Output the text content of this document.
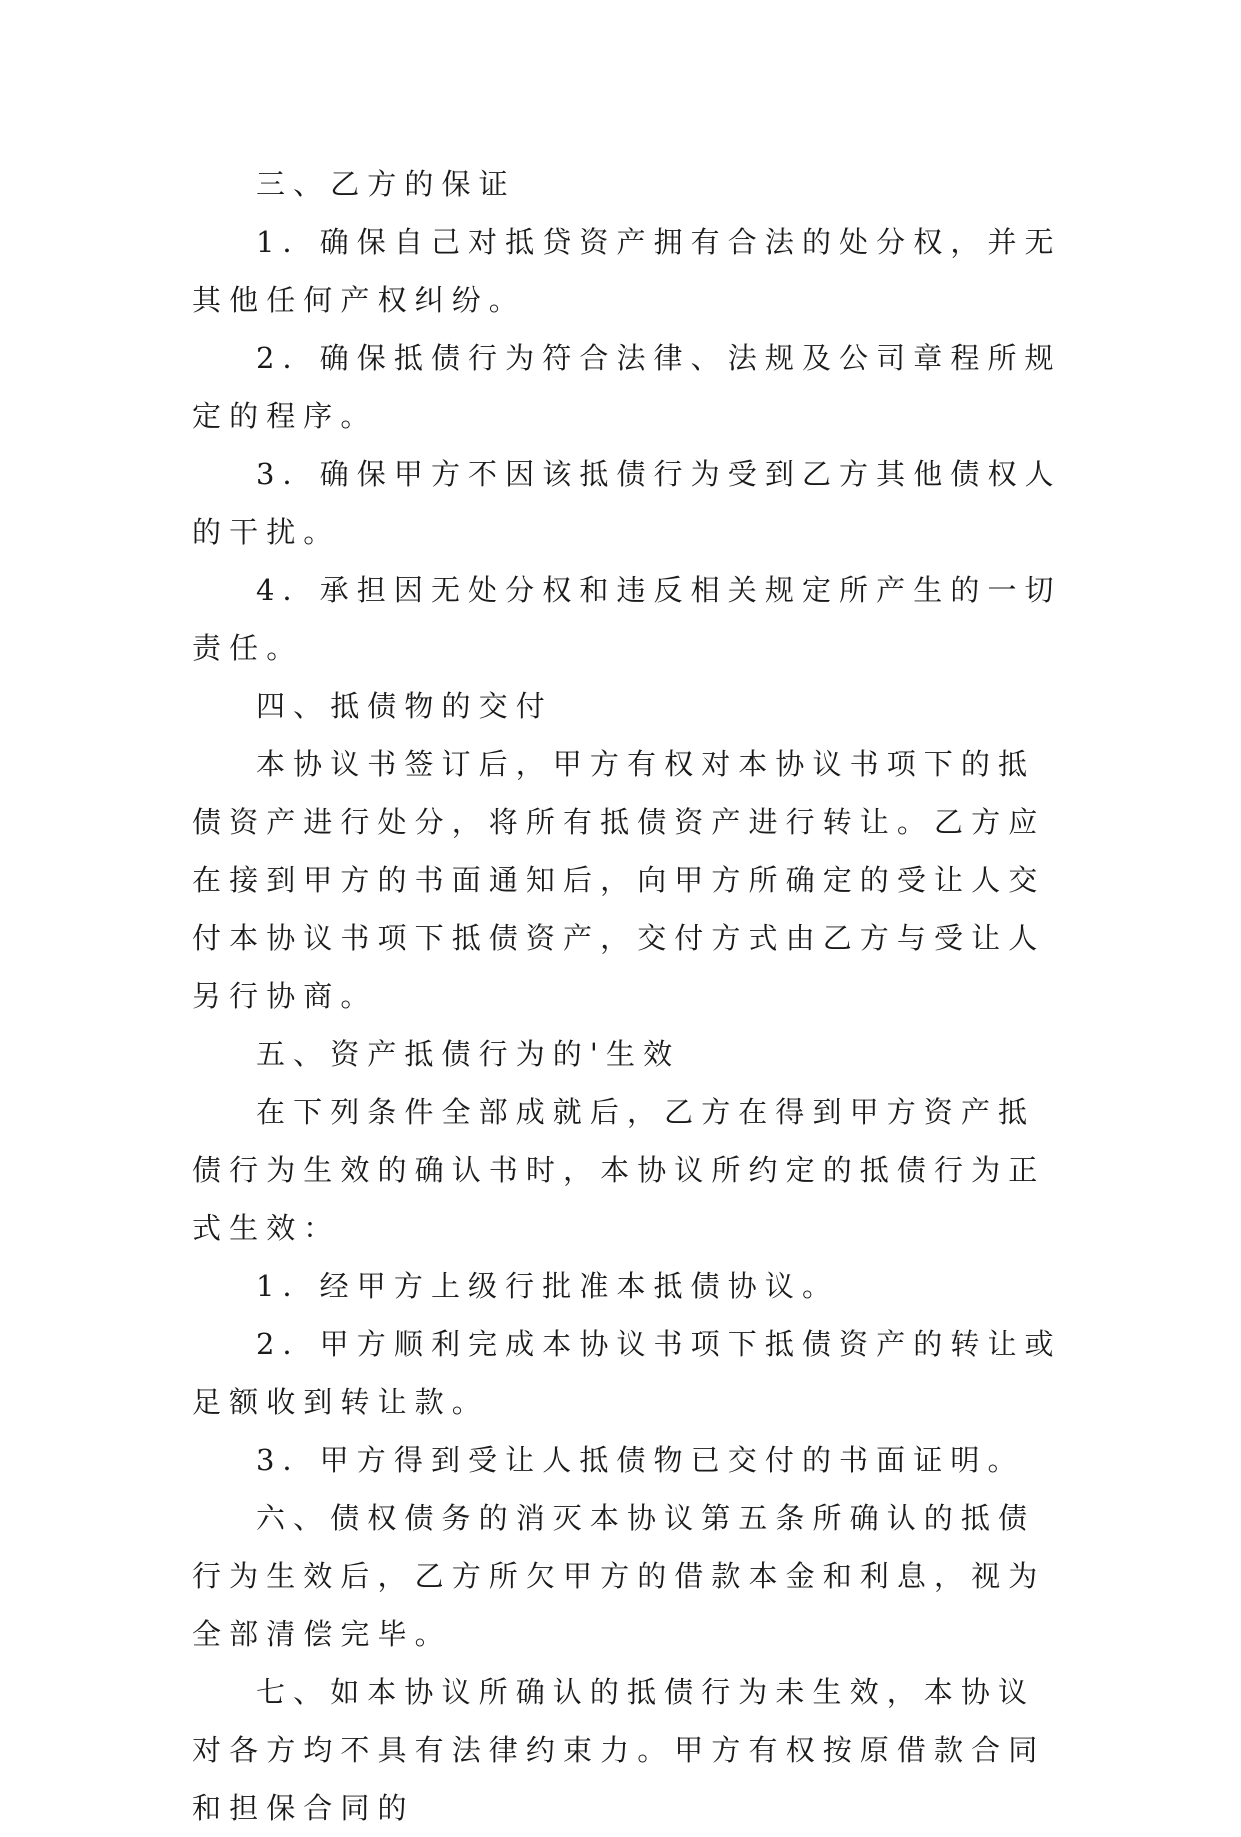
三、乙方的保证

1．确保自己对抵贷资产拥有合法的处分权，并无其他任何产权纠纷。

2．确保抵债行为符合法律、法规及公司章程所规定的程序。

3．确保甲方不因该抵债行为受到乙方其他债权人的干扰。

4．承担因无处分权和违反相关规定所产生的一切责任。

四、抵债物的交付

本协议书签订后，甲方有权对本协议书项下的抵债资产进行处分，将所有抵债资产进行转让。乙方应在接到甲方的书面通知后，向甲方所确定的受让人交付本协议书项下抵债资产，交付方式由乙方与受让人另行协商。

五、资产抵债行为的'生效

在下列条件全部成就后，乙方在得到甲方资产抵债行为生效的确认书时，本协议所约定的抵债行为正式生效：

1．经甲方上级行批准本抵债协议。

2．甲方顺利完成本协议书项下抵债资产的转让或足额收到转让款。

3．甲方得到受让人抵债物已交付的书面证明。

六、债权债务的消灭本协议第五条所确认的抵债行为生效后，乙方所欠甲方的借款本金和利息，视为全部清偿完毕。

七、如本协议所确认的抵债行为未生效，本协议对各方均不具有法律约束力。甲方有权按原借款合同和担保合同的
